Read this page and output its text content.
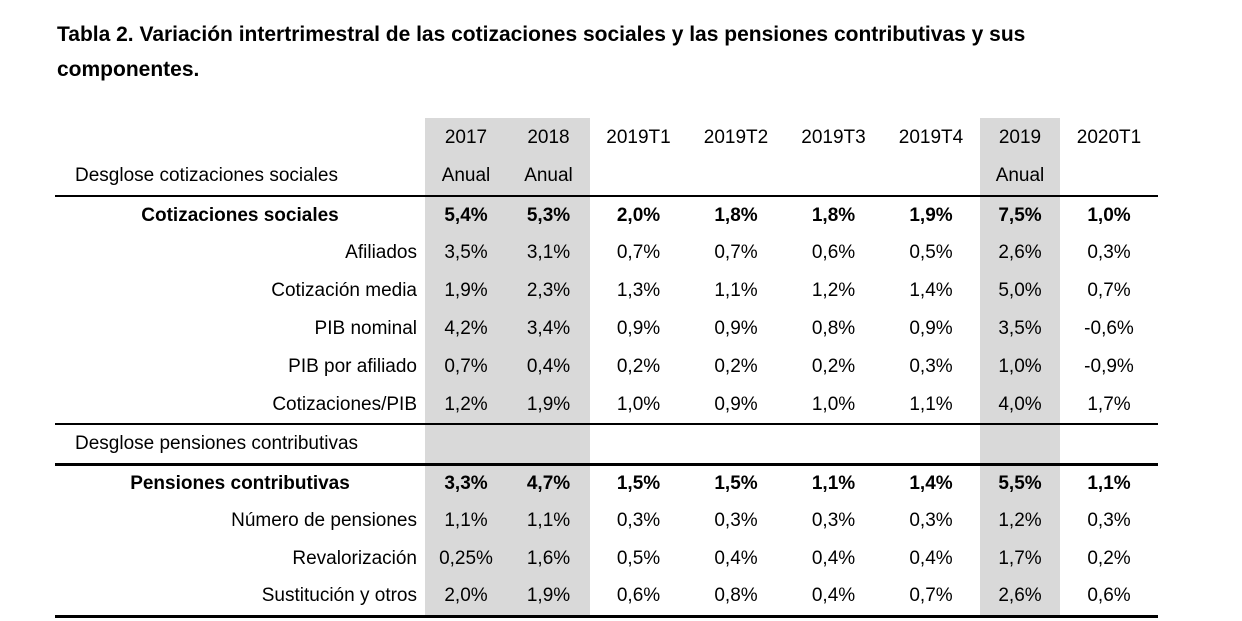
Tabla 2. Variación intertrimestral de las cotizaciones sociales y las pensiones contributivas y sus componentes.
	2017	2018	2019T1	2019T2	2019T3	2019T4	2019	2020T1
Desglose cotizaciones sociales	Anual	Anual					Anual	
Cotizaciones sociales	5,4%	5,3%	2,0%	1,8%	1,8%	1,9%	7,5%	1,0%
Afiliados	3,5%	3,1%	0,7%	0,7%	0,6%	0,5%	2,6%	0,3%
Cotización media	1,9%	2,3%	1,3%	1,1%	1,2%	1,4%	5,0%	0,7%
PIB nominal	4,2%	3,4%	0,9%	0,9%	0,8%	0,9%	3,5%	-0,6%
PIB por afiliado	0,7%	0,4%	0,2%	0,2%	0,2%	0,3%	1,0%	-0,9%
Cotizaciones/PIB	1,2%	1,9%	1,0%	0,9%	1,0%	1,1%	4,0%	1,7%
Desglose pensiones contributivas								
Pensiones contributivas	3,3%	4,7%	1,5%	1,5%	1,1%	1,4%	5,5%	1,1%
Número de pensiones	1,1%	1,1%	0,3%	0,3%	0,3%	0,3%	1,2%	0,3%
Revalorización	0,25%	1,6%	0,5%	0,4%	0,4%	0,4%	1,7%	0,2%
Sustitución y otros	2,0%	1,9%	0,6%	0,8%	0,4%	0,7%	2,6%	0,6%
